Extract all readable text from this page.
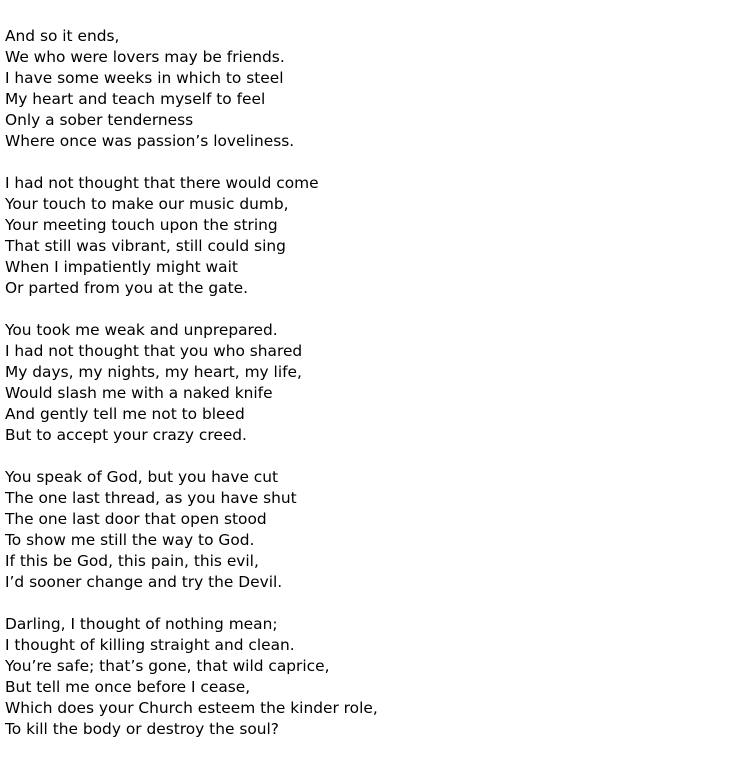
And so it ends,
We who were lovers may be friends.
I have some weeks in which to steel
My heart and teach myself to feel
Only a sober tenderness
Where once was passion’s loveliness.
I had not thought that there would come
Your touch to make our music dumb,
Your meeting touch upon the string
That still was vibrant, still could sing
When I impatiently might wait
Or parted from you at the gate.
You took me weak and unprepared.
I had not thought that you who shared
My days, my nights, my heart, my life,
Would slash me with a naked knife
And gently tell me not to bleed
But to accept your crazy creed.
You speak of God, but you have cut
The one last thread, as you have shut
The one last door that open stood
To show me still the way to God.
If this be God, this pain, this evil,
I’d sooner change and try the Devil.
Darling, I thought of nothing mean;
I thought of killing straight and clean.
You’re safe; that’s gone, that wild caprice,
But tell me once before I cease,
Which does your Church esteem the kinder role,
To kill the body or destroy the soul?
